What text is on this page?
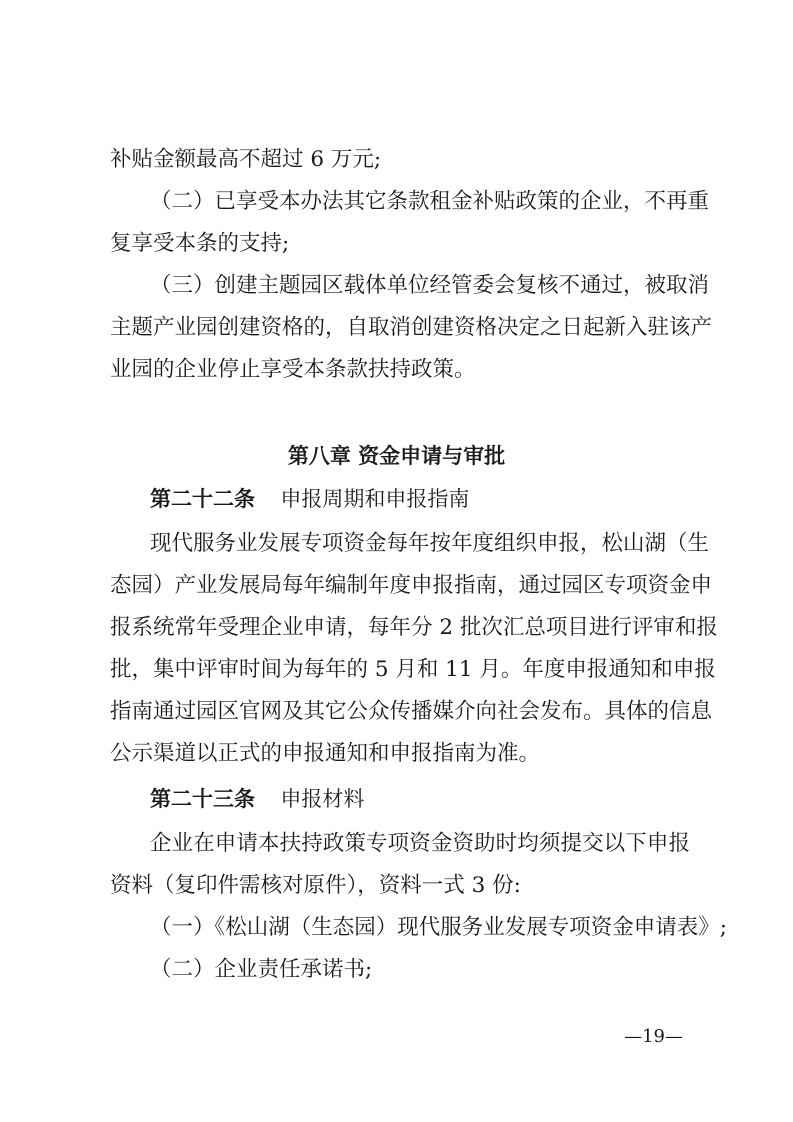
补贴金额最高不超过 6 万元;
（二）已享受本办法其它条款租金补贴政策的企业，不再重
复享受本条的支持;
（三）创建主题园区载体单位经管委会复核不通过，被取消
主题产业园创建资格的，自取消创建资格决定之日起新入驻该产
业园的企业停止享受本条款扶持政策。
第八章 资金申请与审批
第二十二条 申报周期和申报指南
现代服务业发展专项资金每年按年度组织申报，松山湖（生
态园）产业发展局每年编制年度申报指南，通过园区专项资金申
报系统常年受理企业申请，每年分 2 批次汇总项目进行评审和报
批，集中评审时间为每年的 5 月和 11 月。年度申报通知和申报
指南通过园区官网及其它公众传播媒介向社会发布。具体的信息
公示渠道以正式的申报通知和申报指南为准。
第二十三条 申报材料
企业在申请本扶持政策专项资金资助时均须提交以下申报
资料（复印件需核对原件），资料一式 3 份:
（一）《松山湖（生态园）现代服务业发展专项资金申请表》;
（二）企业责任承诺书;
—19—
